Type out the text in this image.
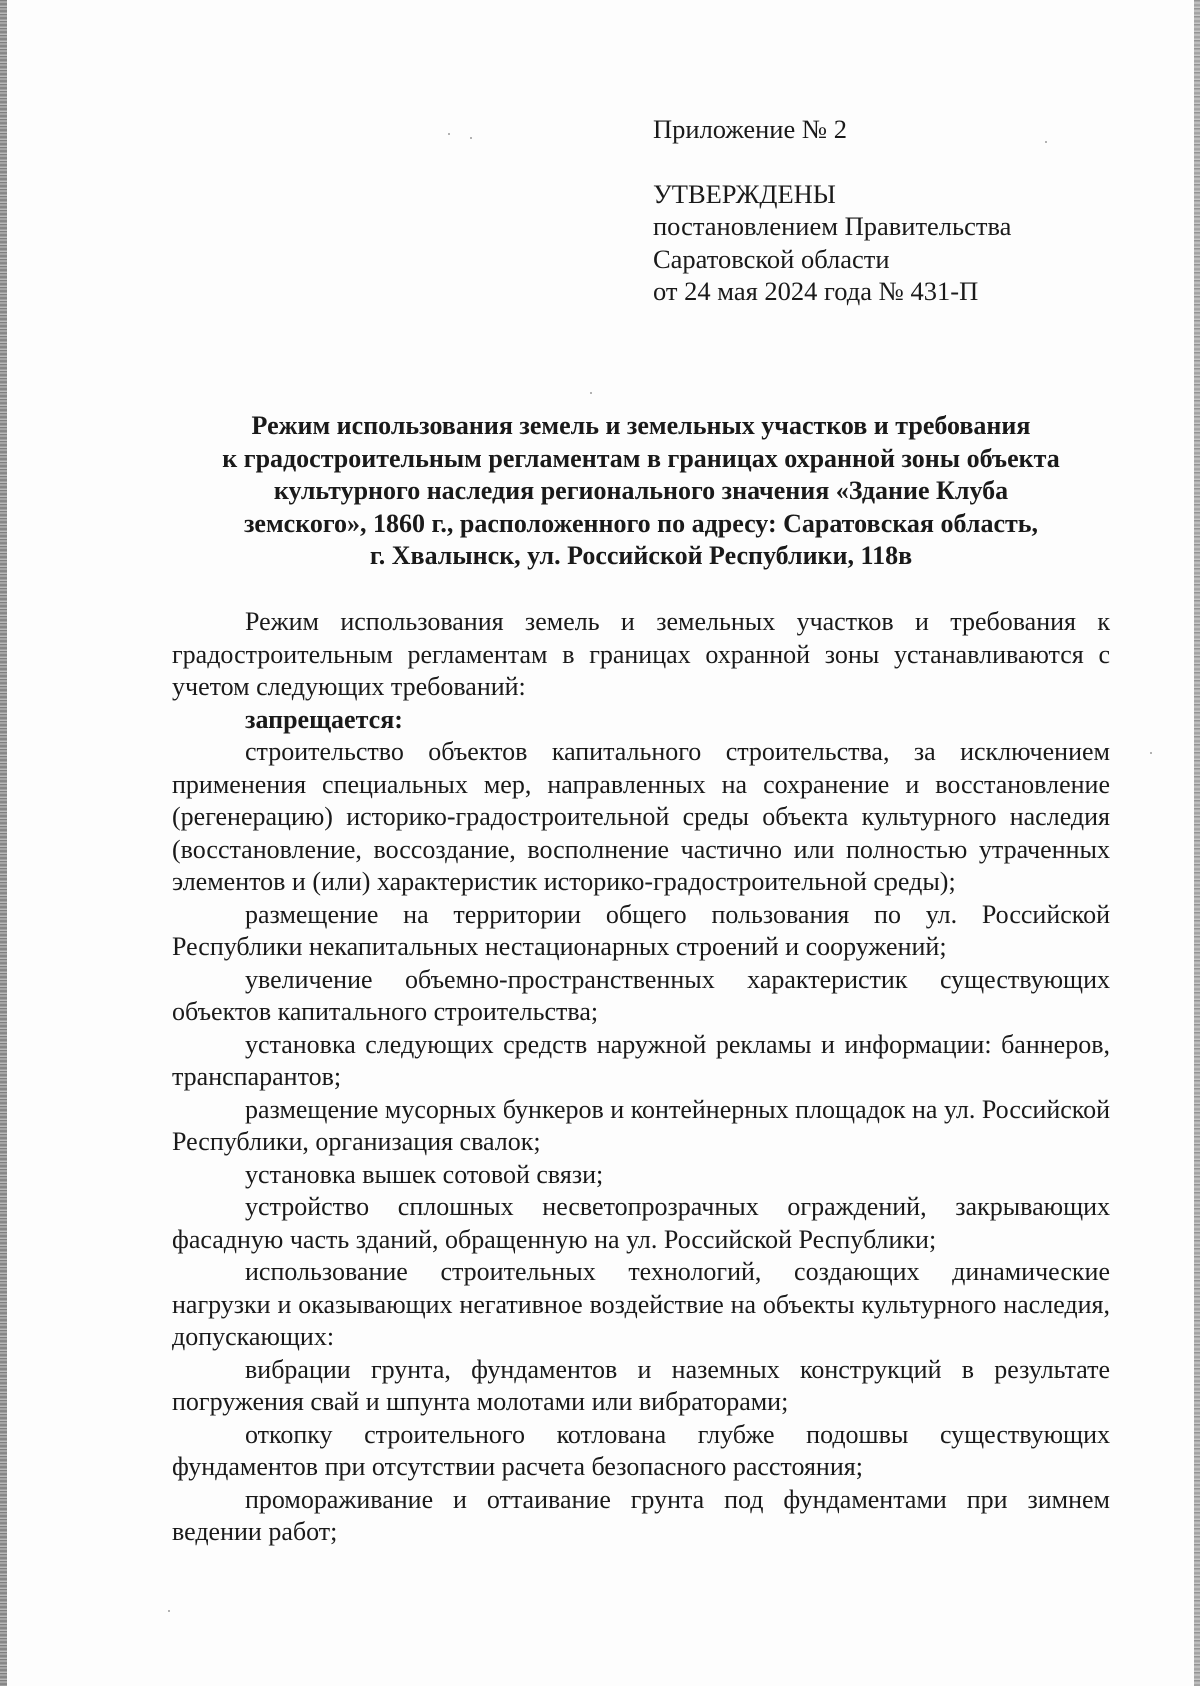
Приложение № 2
УТВЕРЖДЕНЫ
постановлением Правительства
Саратовской области
от 24 мая 2024 года № 431-П
Режим использования земель и земельных участков и требования
к градостроительным регламентам в границах охранной зоны объекта
культурного наследия регионального значения «Здание Клуба
земского», 1860 г., расположенного по адресу: Саратовская область,
г. Хвалынск, ул. Российской Республики, 118в

Режим использования земель и земельных участков и требования к градостроительным регламентам в границах охранной зоны устанавливаются с учетом следующих требований:

запрещается:

строительство объектов капитального строительства, за исключением применения специальных мер, направленных на сохранение и восстановление (регенерацию) историко-градостроительной среды объекта культурного наследия (восстановление, воссоздание, восполнение частично или полностью утраченных элементов и (или) характеристик историко-градостроительной среды);

размещение на территории общего пользования по ул. Российской Республики некапитальных нестационарных строений и сооружений;

увеличение объемно-пространственных характеристик существующих объектов капитального строительства;

установка следующих средств наружной рекламы и информации: баннеров, транспарантов;

размещение мусорных бункеров и контейнерных площадок на ул. Российской Республики, организация свалок;

установка вышек сотовой связи;

устройство сплошных несветопрозрачных ограждений, закрывающих фасадную часть зданий, обращенную на ул. Российской Республики;

использование строительных технологий, создающих динамические нагрузки и оказывающих негативное воздействие на объекты культурного наследия, допускающих:

вибрации грунта, фундаментов и наземных конструкций в результате погружения свай и шпунта молотами или вибраторами;

откопку строительного котлована глубже подошвы существующих фундаментов при отсутствии расчета безопасного расстояния;

промораживание и оттаивание грунта под фундаментами при зимнем ведении работ;
